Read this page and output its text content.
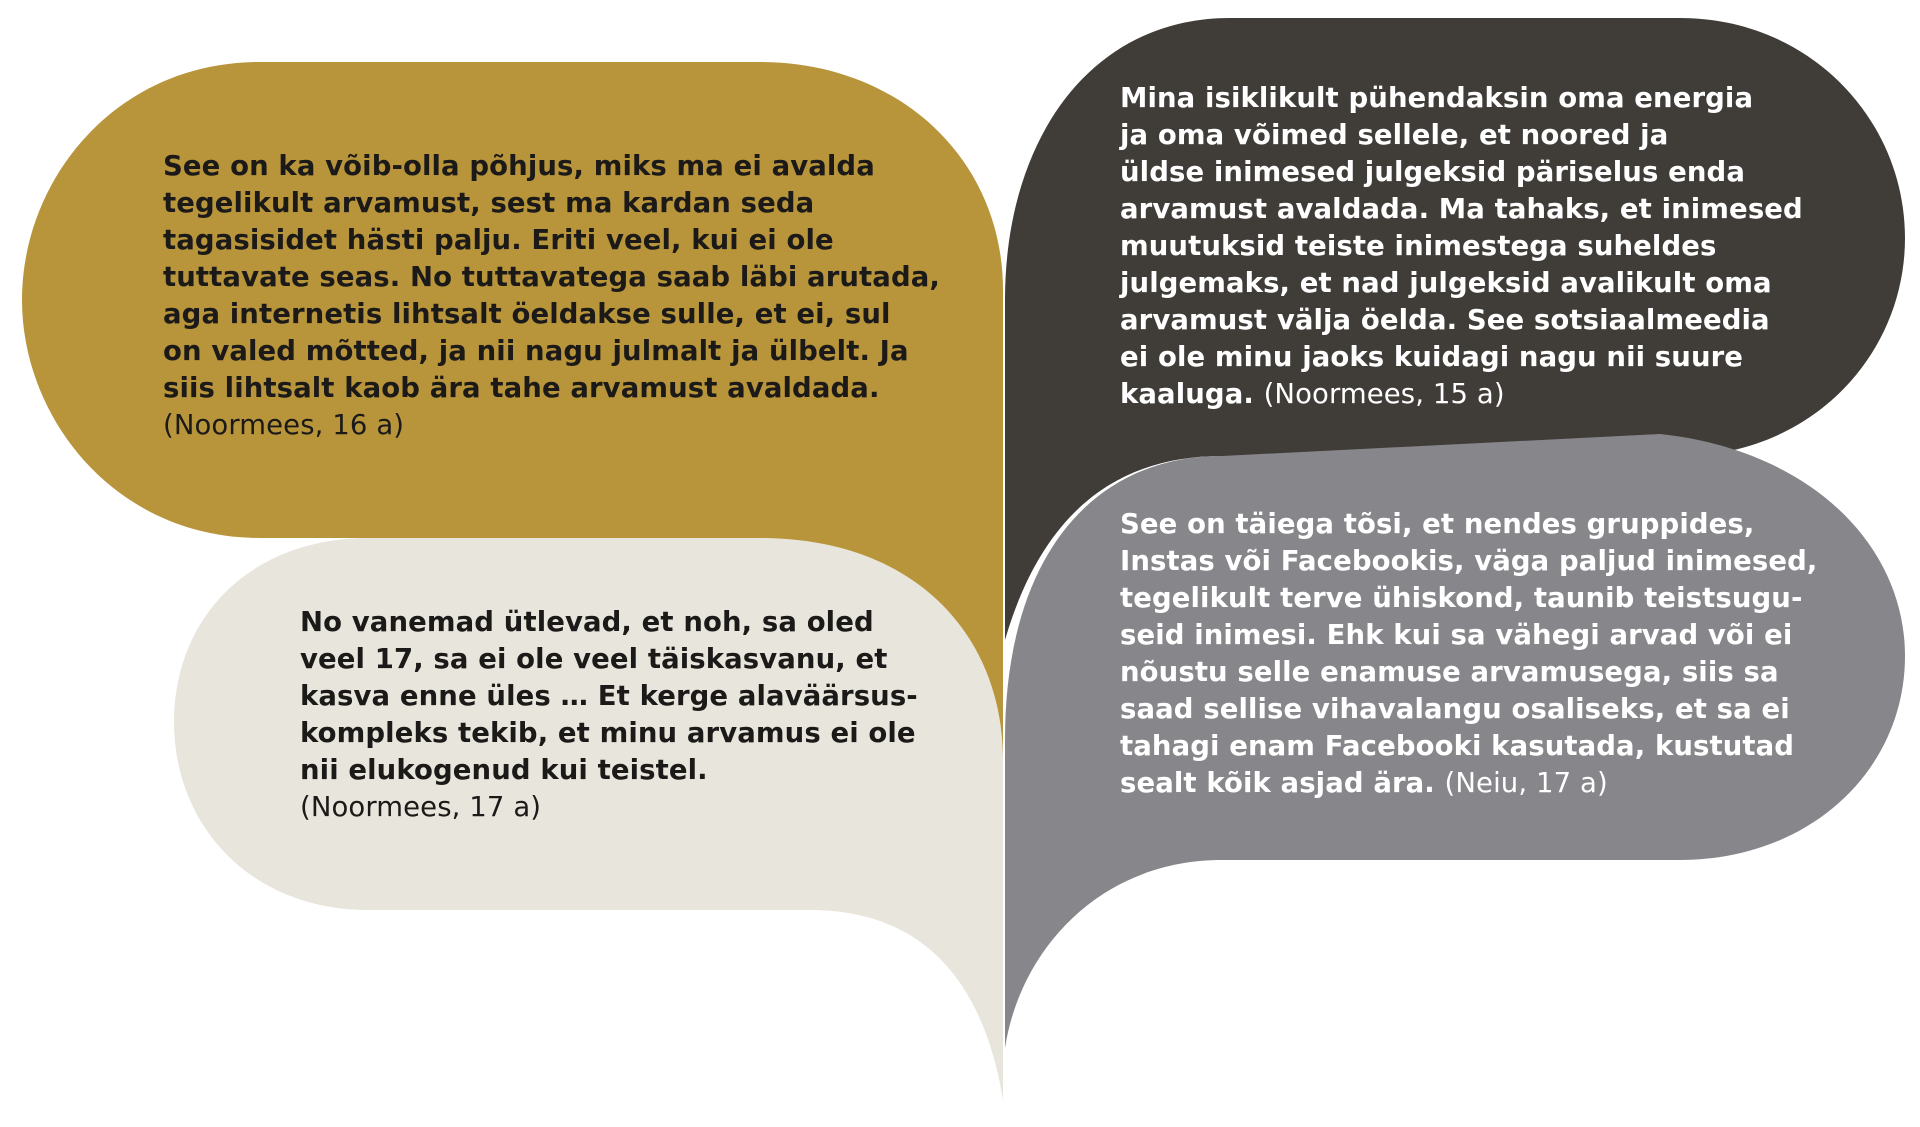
See on ka võib-olla põhjus, miks ma ei avalda
tegelikult arvamust, sest ma kardan seda
tagasisidet hästi palju. Eriti veel, kui ei ole
tuttavate seas. No tuttavatega saab läbi arutada,
aga internetis lihtsalt öeldakse sulle, et ei, sul
on valed mõtted, ja nii nagu julmalt ja ülbelt. Ja
siis lihtsalt kaob ära tahe arvamust avaldada.
(Noormees, 16 a)
No vanemad ütlevad, et noh, sa oled
veel 17, sa ei ole veel täiskasvanu, et
kasva enne üles … Et kerge alaväärsus-
kompleks tekib, et minu arvamus ei ole
nii elukogenud kui teistel.
(Noormees, 17 a)
Mina isiklikult pühendaksin oma energia
ja oma võimed sellele, et noored ja
üldse inimesed julgeksid päriselus enda
arvamust avaldada. Ma tahaks, et inimesed
muutuksid teiste inimestega suheldes
julgemaks, et nad julgeksid avalikult oma
arvamust välja öelda. See sotsiaalmeedia
ei ole minu jaoks kuidagi nagu nii suure
kaaluga. (Noormees, 15 a)
See on täiega tõsi, et nendes gruppides,
Instas või Facebookis, väga paljud inimesed,
tegelikult terve ühiskond, taunib teistsugu-
seid inimesi. Ehk kui sa vähegi arvad või ei
nõustu selle enamuse arvamusega, siis sa
saad sellise vihavalangu osaliseks, et sa ei
tahagi enam Facebooki kasutada, kustutad
sealt kõik asjad ära. (Neiu, 17 a)
